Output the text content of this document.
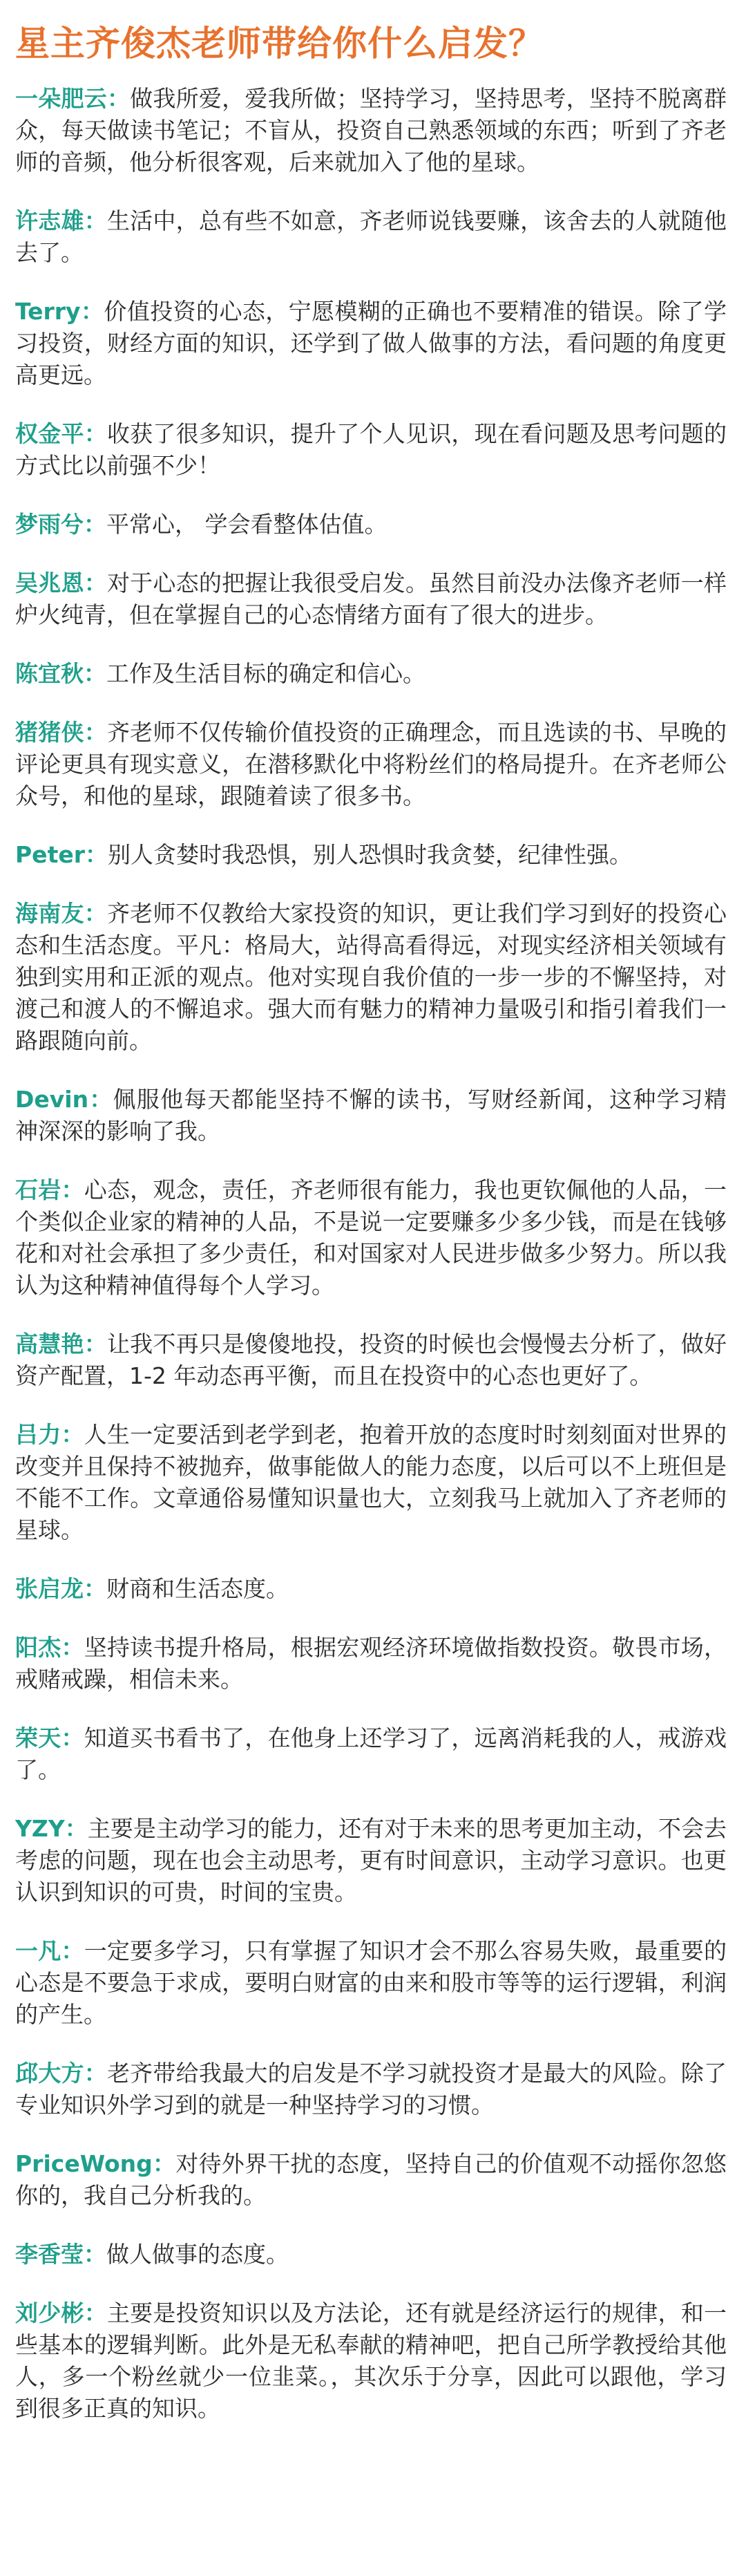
星主齐俊杰老师带给你什么启发？

一朵肥云：做我所爱，爱我所做；坚持学习，坚持思考，坚持不脱离群众，每天做读书笔记；不盲从，投资自己熟悉领域的东西；听到了齐老师的音频，他分析很客观，后来就加入了他的星球。

许志雄：生活中，总有些不如意，齐老师说钱要赚，该舍去的人就随他去了。

Terry：价值投资的心态，宁愿模糊的正确也不要精准的错误。除了学习投资，财经方面的知识，还学到了做人做事的方法，看问题的角度更高更远。

权金平：收获了很多知识，提升了个人见识，现在看问题及思考问题的方式比以前强不少！

梦雨兮：平常心， 学会看整体估值。

吴兆恩：对于心态的把握让我很受启发。虽然目前没办法像齐老师一样炉火纯青，但在掌握自己的心态情绪方面有了很大的进步。

陈宜秋：工作及生活目标的确定和信心。

猪猪侠：齐老师不仅传输价值投资的正确理念，而且选读的书、早晚的评论更具有现实意义，在潜移默化中将粉丝们的格局提升。在齐老师公众号，和他的星球，跟随着读了很多书。

Peter：别人贪婪时我恐惧，别人恐惧时我贪婪，纪律性强。

海南友：齐老师不仅教给大家投资的知识，更让我们学习到好的投资心态和生活态度。平凡：格局大，站得高看得远，对现实经济相关领域有独到实用和正派的观点。他对实现自我价值的一步一步的不懈坚持，对渡己和渡人的不懈追求。强大而有魅力的精神力量吸引和指引着我们一路跟随向前。

Devin：佩服他每天都能坚持不懈的读书，写财经新闻，这种学习精神深深的影响了我。

石岩：心态，观念，责任，齐老师很有能力，我也更钦佩他的人品，一个类似企业家的精神的人品，不是说一定要赚多少多少钱，而是在钱够花和对社会承担了多少责任，和对国家对人民进步做多少努力。所以我认为这种精神值得每个人学习。

高慧艳：让我不再只是傻傻地投，投资的时候也会慢慢去分析了，做好资产配置，1-2 年动态再平衡，而且在投资中的心态也更好了。

吕力：人生一定要活到老学到老，抱着开放的态度时时刻刻面对世界的改变并且保持不被抛弃，做事能做人的能力态度，以后可以不上班但是不能不工作。文章通俗易懂知识量也大，立刻我马上就加入了齐老师的星球。

张启龙：财商和生活态度。

阳杰：坚持读书提升格局，根据宏观经济环境做指数投资。敬畏市场，戒赌戒躁，相信未来。

荣天：知道买书看书了，在他身上还学习了，远离消耗我的人，戒游戏了。

YZY：主要是主动学习的能力，还有对于未来的思考更加主动，不会去考虑的问题，现在也会主动思考，更有时间意识，主动学习意识。也更认识到知识的可贵，时间的宝贵。

一凡：一定要多学习，只有掌握了知识才会不那么容易失败，最重要的心态是不要急于求成，要明白财富的由来和股市等等的运行逻辑，利润的产生。

邱大方：老齐带给我最大的启发是不学习就投资才是最大的风险。除了专业知识外学习到的就是一种坚持学习的习惯。

PriceWong：对待外界干扰的态度，坚持自己的价值观不动摇你忽悠你的，我自己分析我的。

李香莹：做人做事的态度。

刘少彬：主要是投资知识以及方法论，还有就是经济运行的规律，和一些基本的逻辑判断。此外是无私奉献的精神吧，把自己所学教授给其他人，多一个粉丝就少一位韭菜。，其次乐于分享，因此可以跟他，学习到很多正真的知识。
